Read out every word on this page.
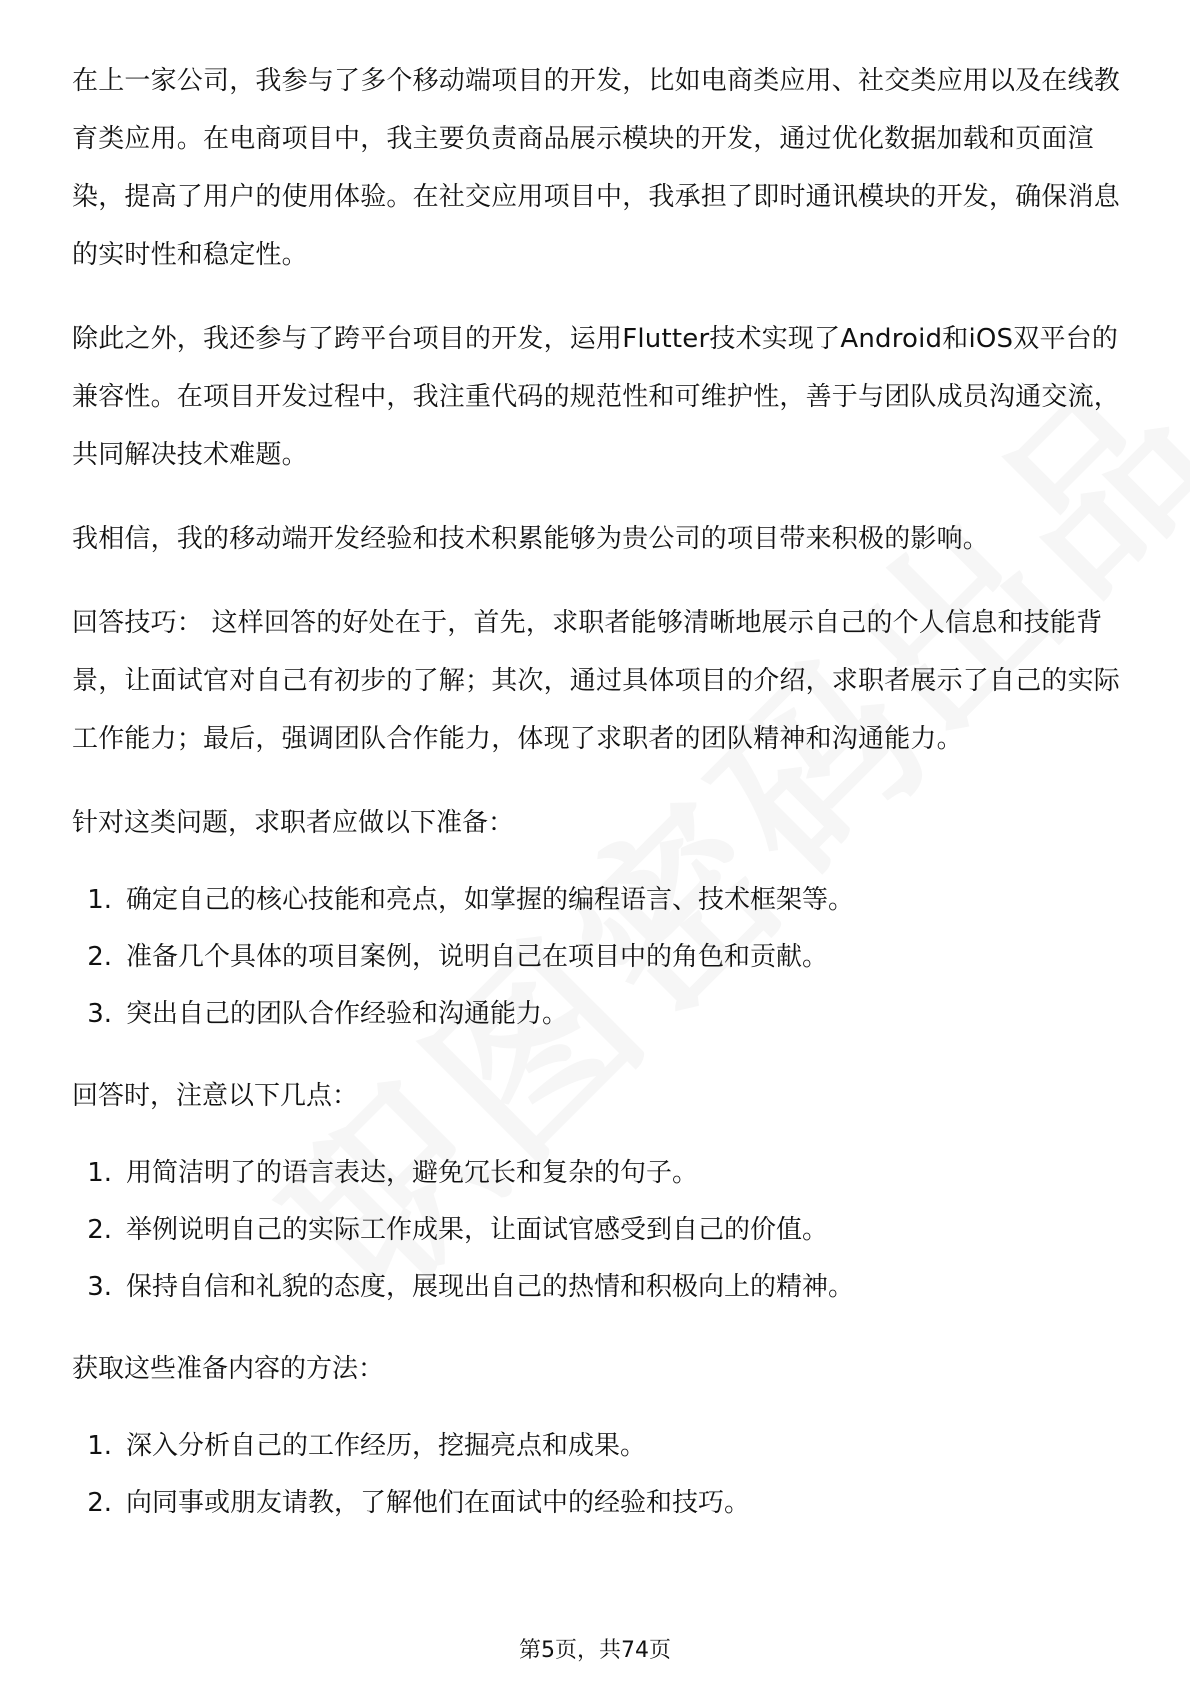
在上一家公司，我参与了多个移动端项目的开发，比如电商类应用、社交类应用以及在线教育类应用。在电商项目中，我主要负责商品展示模块的开发，通过优化数据加载和页面渲染，提高了用户的使用体验。在社交应用项目中，我承担了即时通讯模块的开发，确保消息的实时性和稳定性。

除此之外，我还参与了跨平台项目的开发，运用Flutter技术实现了Android和iOS双平台的兼容性。在项目开发过程中，我注重代码的规范性和可维护性，善于与团队成员沟通交流，共同解决技术难题。

我相信，我的移动端开发经验和技术积累能够为贵公司的项目带来积极的影响。

回答技巧： 这样回答的好处在于，首先，求职者能够清晰地展示自己的个人信息和技能背景，让面试官对自己有初步的了解；其次，通过具体项目的介绍，求职者展示了自己的实际工作能力；最后，强调团队合作能力，体现了求职者的团队精神和沟通能力。

针对这类问题，求职者应做以下准备：

1. 确定自己的核心技能和亮点，如掌握的编程语言、技术框架等。
2. 准备几个具体的项目案例，说明自己在项目中的角色和贡献。
3. 突出自己的团队合作经验和沟通能力。

回答时，注意以下几点：

1. 用简洁明了的语言表达，避免冗长和复杂的句子。
2. 举例说明自己的实际工作成果，让面试官感受到自己的价值。
3. 保持自信和礼貌的态度，展现出自己的热情和积极向上的精神。

获取这些准备内容的方法：

1. 深入分析自己的工作经历，挖掘亮点和成果。
2. 向同事或朋友请教，了解他们在面试中的经验和技巧。
第5页，共74页
